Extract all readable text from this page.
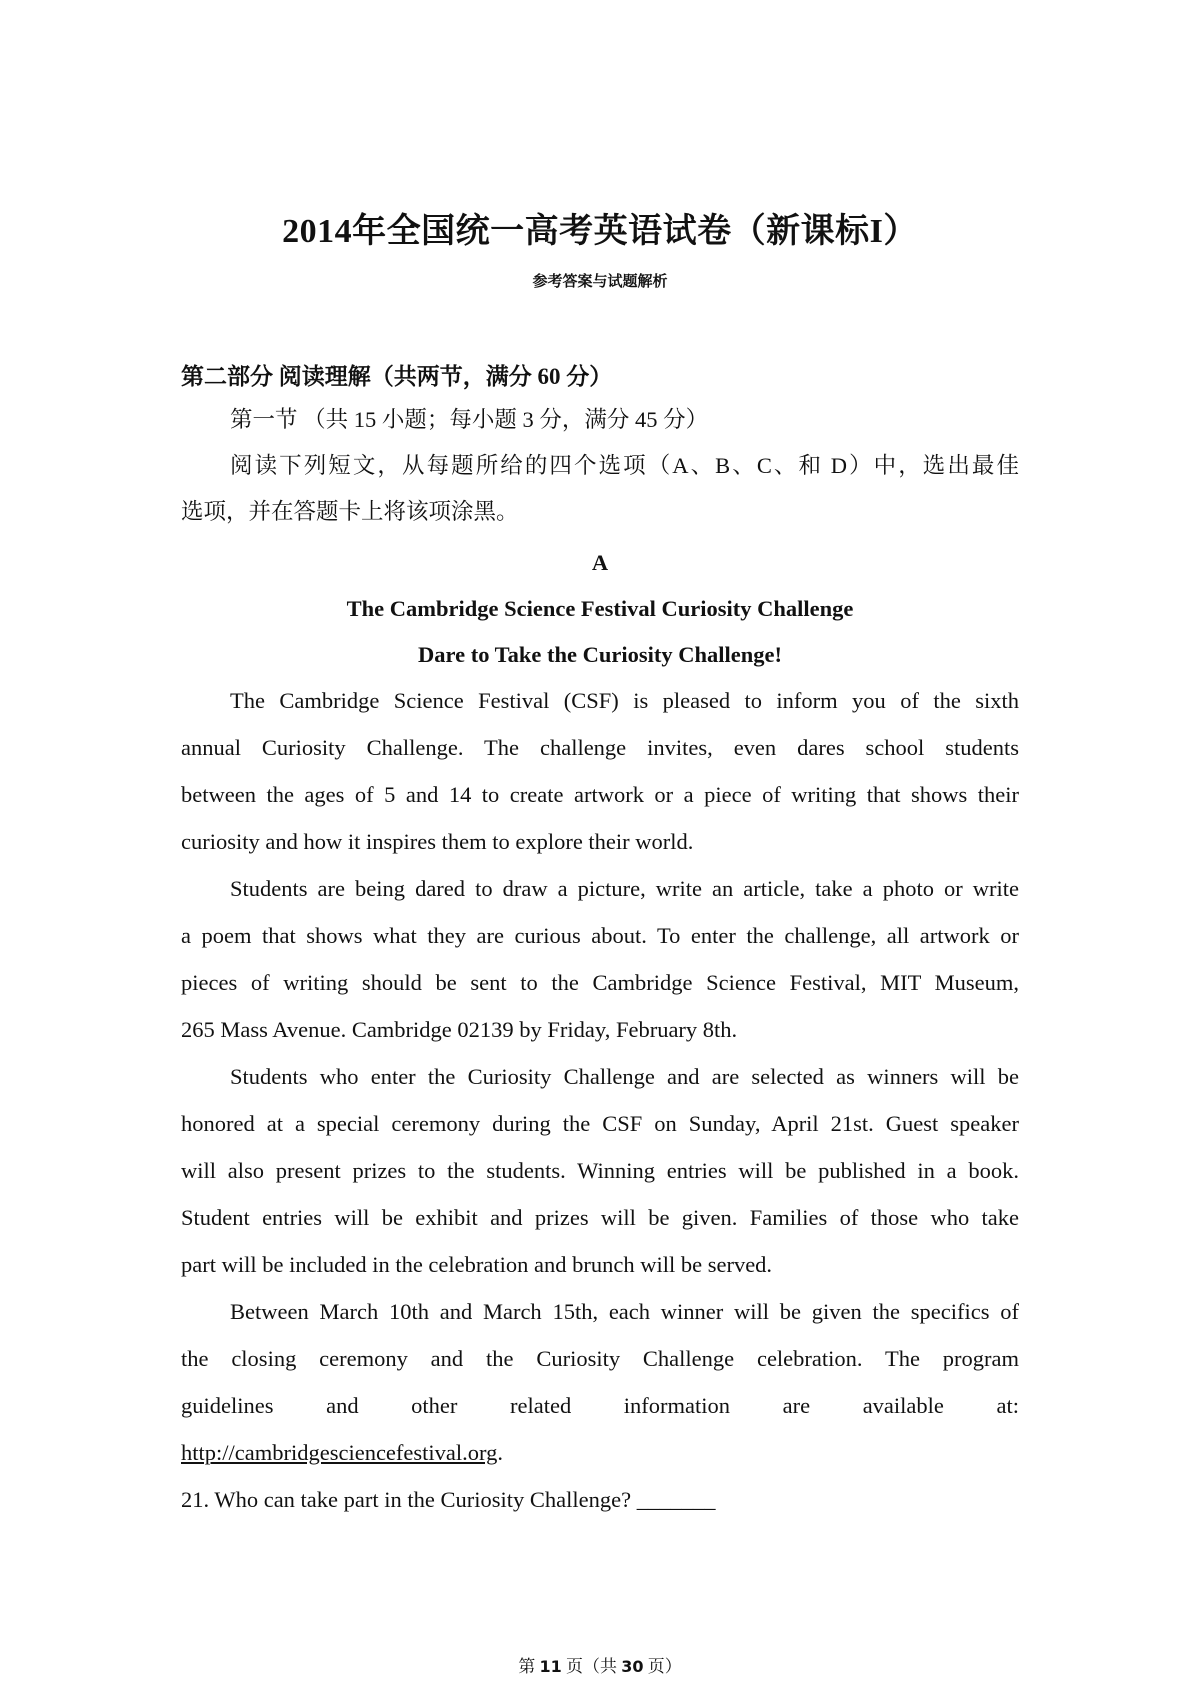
2014年全国统一高考英语试卷（新课标I）
参考答案与试题解析
第二部分 阅读理解（共两节，满分 60 分）
第一节 （共 15 小题；每小题 3 分，满分 45 分）
阅读下列短文，从每题所给的四个选项（A、B、C、和 D）中，选出最佳
选项，并在答题卡上将该项涂黑。
A
The Cambridge Science Festival Curiosity Challenge
Dare to Take the Curiosity Challenge!
The Cambridge Science Festival (CSF) is pleased to inform you of the sixth
annual Curiosity Challenge. The challenge invites, even dares school students
between the ages of 5 and 14 to create artwork or a piece of writing that shows their
curiosity and how it inspires them to explore their world.
Students are being dared to draw a picture, write an article, take a photo or write
a poem that shows what they are curious about. To enter the challenge, all artwork or
pieces of writing should be sent to the Cambridge Science Festival, MIT Museum,
265 Mass Avenue. Cambridge 02139 by Friday, February 8th.
Students who enter the Curiosity Challenge and are selected as winners will be
honored at a special ceremony during the CSF on Sunday, April 21st. Guest speaker
will also present prizes to the students. Winning entries will be published in a book.
Student entries will be exhibit and prizes will be given. Families of those who take
part will be included in the celebration and brunch will be served.
Between March 10th and March 15th, each winner will be given the specifics of
the closing ceremony and the Curiosity Challenge celebration. The program
guidelines and other related information are available at:
http://cambridgesciencefestival.org.
21. Who can take part in the Curiosity Challenge? _______
第 11 页（共 30 页）
